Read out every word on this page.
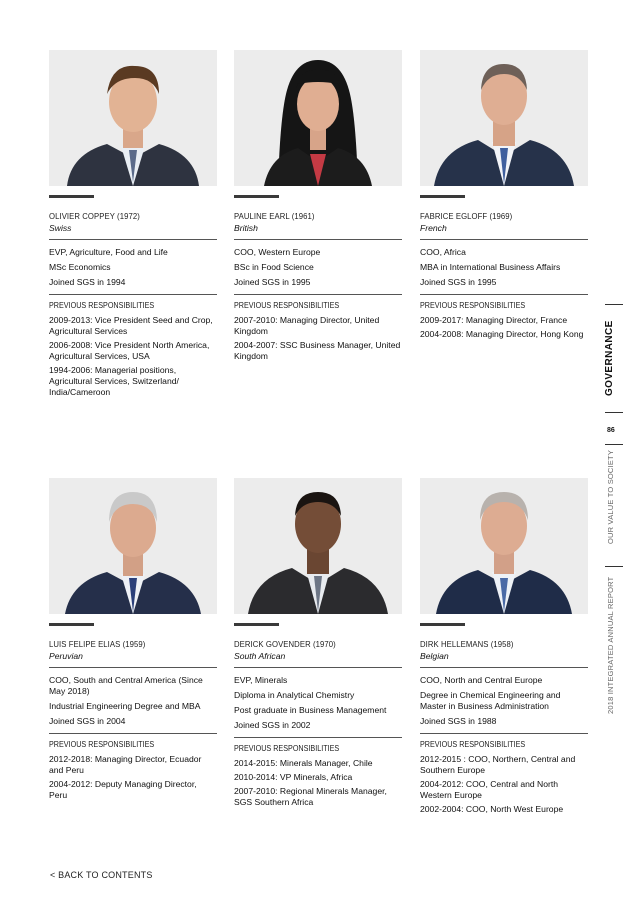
OLIVIER COPPEY (1972)
Swiss
EVP, Agriculture, Food and Life
MSc Economics
Joined SGS in 1994
PREVIOUS RESPONSIBILITIES
2009-2013: Vice President Seed and Crop, Agricultural Services
2006-2008: Vice President North America, Agricultural Services, USA
1994-2006: Managerial positions, Agricultural Services, Switzerland/ India/Cameroon
PAULINE EARL (1961)
British
COO, Western Europe
BSc in Food Science
Joined SGS in 1995
PREVIOUS RESPONSIBILITIES
2007-2010: Managing Director, United Kingdom
2004-2007: SSC Business Manager, United Kingdom
FABRICE EGLOFF (1969)
French
COO, Africa
MBA in International Business Affairs
Joined SGS in 1995
PREVIOUS RESPONSIBILITIES
2009-2017: Managing Director, France
2004-2008: Managing Director, Hong Kong
LUIS FELIPE ELIAS (1959)
Peruvian
COO, South and Central America (Since May 2018)
Industrial Engineering Degree and MBA
Joined SGS in 2004
PREVIOUS RESPONSIBILITIES
2012-2018: Managing Director, Ecuador and Peru
2004-2012: Deputy Managing Director, Peru
DERICK GOVENDER (1970)
South African
EVP, Minerals
Diploma in Analytical Chemistry
Post graduate in Business Management
Joined SGS in 2002
PREVIOUS RESPONSIBILITIES
2014-2015: Minerals Manager, Chile
2010-2014: VP Minerals, Africa
2007-2010: Regional Minerals Manager, SGS Southern Africa
DIRK HELLEMANS (1958)
Belgian
COO, North and Central Europe
Degree in Chemical Engineering and Master in Business Administration
Joined SGS in 1988
PREVIOUS RESPONSIBILITIES
2012-2015 : COO, Northern, Central and Southern Europe
2004-2012: COO, Central and North Western Europe
2002-2004: COO, North West Europe
GOVERNANCE
86
OUR VALUE TO SOCIETY
2018 INTEGRATED ANNUAL REPORT
< BACK TO CONTENTS
